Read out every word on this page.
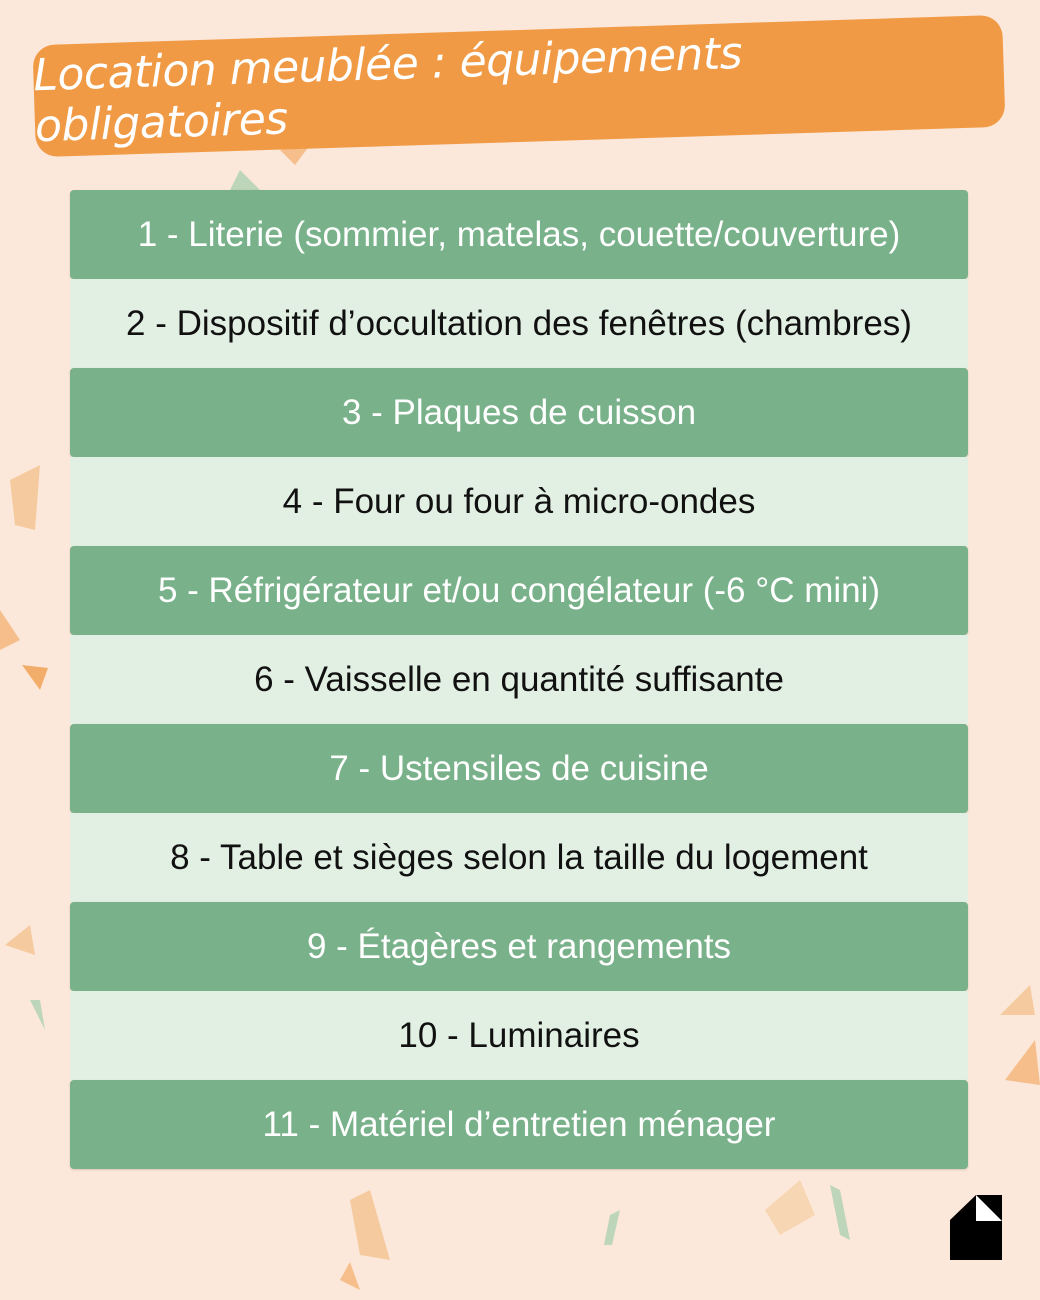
Location meublée : équipements obligatoires
1 - Literie (sommier, matelas, couette/couverture)
2 - Dispositif d’occultation des fenêtres (chambres)
3 - Plaques de cuisson
4 - Four ou four à micro-ondes
5 - Réfrigérateur et/ou congélateur (-6 °C mini)
6 - Vaisselle en quantité suffisante
7 - Ustensiles de cuisine
8 - Table et sièges selon la taille du logement
9 - Étagères et rangements
10 - Luminaires
11 - Matériel d’entretien ménager
